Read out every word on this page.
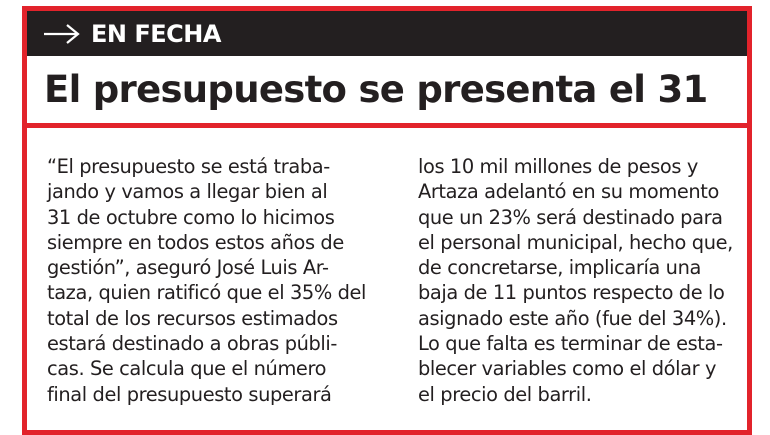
EN FECHA
El presupuesto se presenta el 31
“El presupuesto se está traba-
jando y vamos a llegar bien al
31 de octubre como lo hicimos
siempre en todos estos años de
gestión”, aseguró José Luis Ar-
taza, quien ratificó que el 35% del
total de los recursos estimados
estará destinado a obras públi-
cas. Se calcula que el número
final del presupuesto superará
los 10 mil millones de pesos y
Artaza adelantó en su momento
que un 23% será destinado para
el personal municipal, hecho que,
de concretarse, implicaría una
baja de 11 puntos respecto de lo
asignado este año (fue del 34%).
Lo que falta es terminar de esta-
blecer variables como el dólar y
el precio del barril.
